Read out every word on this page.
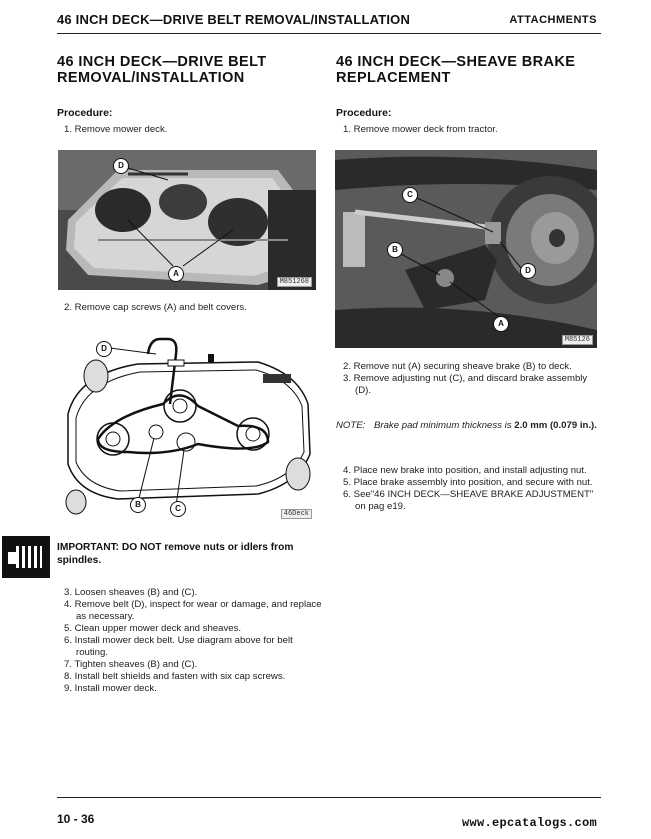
46 INCH DECK—DRIVE BELT REMOVAL/INSTALLATION	ATTACHMENTS
46 INCH DECK—DRIVE BELT
REMOVAL/INSTALLATION
Procedure:
1. Remove mower deck.
D
A
M851268
2. Remove cap screws (A) and belt covers.
D
B	C
46Deck
IMPORTANT: DO NOT remove nuts or idlers from spindles.
3. Loosen sheaves (B) and (C).
4. Remove belt (D), inspect for wear or damage, and replace as necessary.
5. Clean upper mower deck and sheaves.
6. Install mower deck belt. Use diagram above for belt routing.
7. Tighten sheaves (B) and (C).
8. Install belt shields and fasten with six cap screws.
9. Install mower deck.
46 INCH DECK—SHEAVE BRAKE
REPLACEMENT
Procedure:
1. Remove mower deck from tractor.
C
B
D
A
M85126
2. Remove nut (A) securing sheave brake (B) to deck.
3. Remove adjusting nut (C), and discard brake assembly (D).
NOTE: Brake pad minimum thickness is 2.0 mm (0.079 in.).
4. Place new brake into position, and install adjusting nut.
5. Place brake assembly into position, and secure with nut.
6. See"46 INCH DECK—SHEAVE BRAKE ADJUSTMENT" on pag e19.
10 - 36	www.epcatalogs.com
